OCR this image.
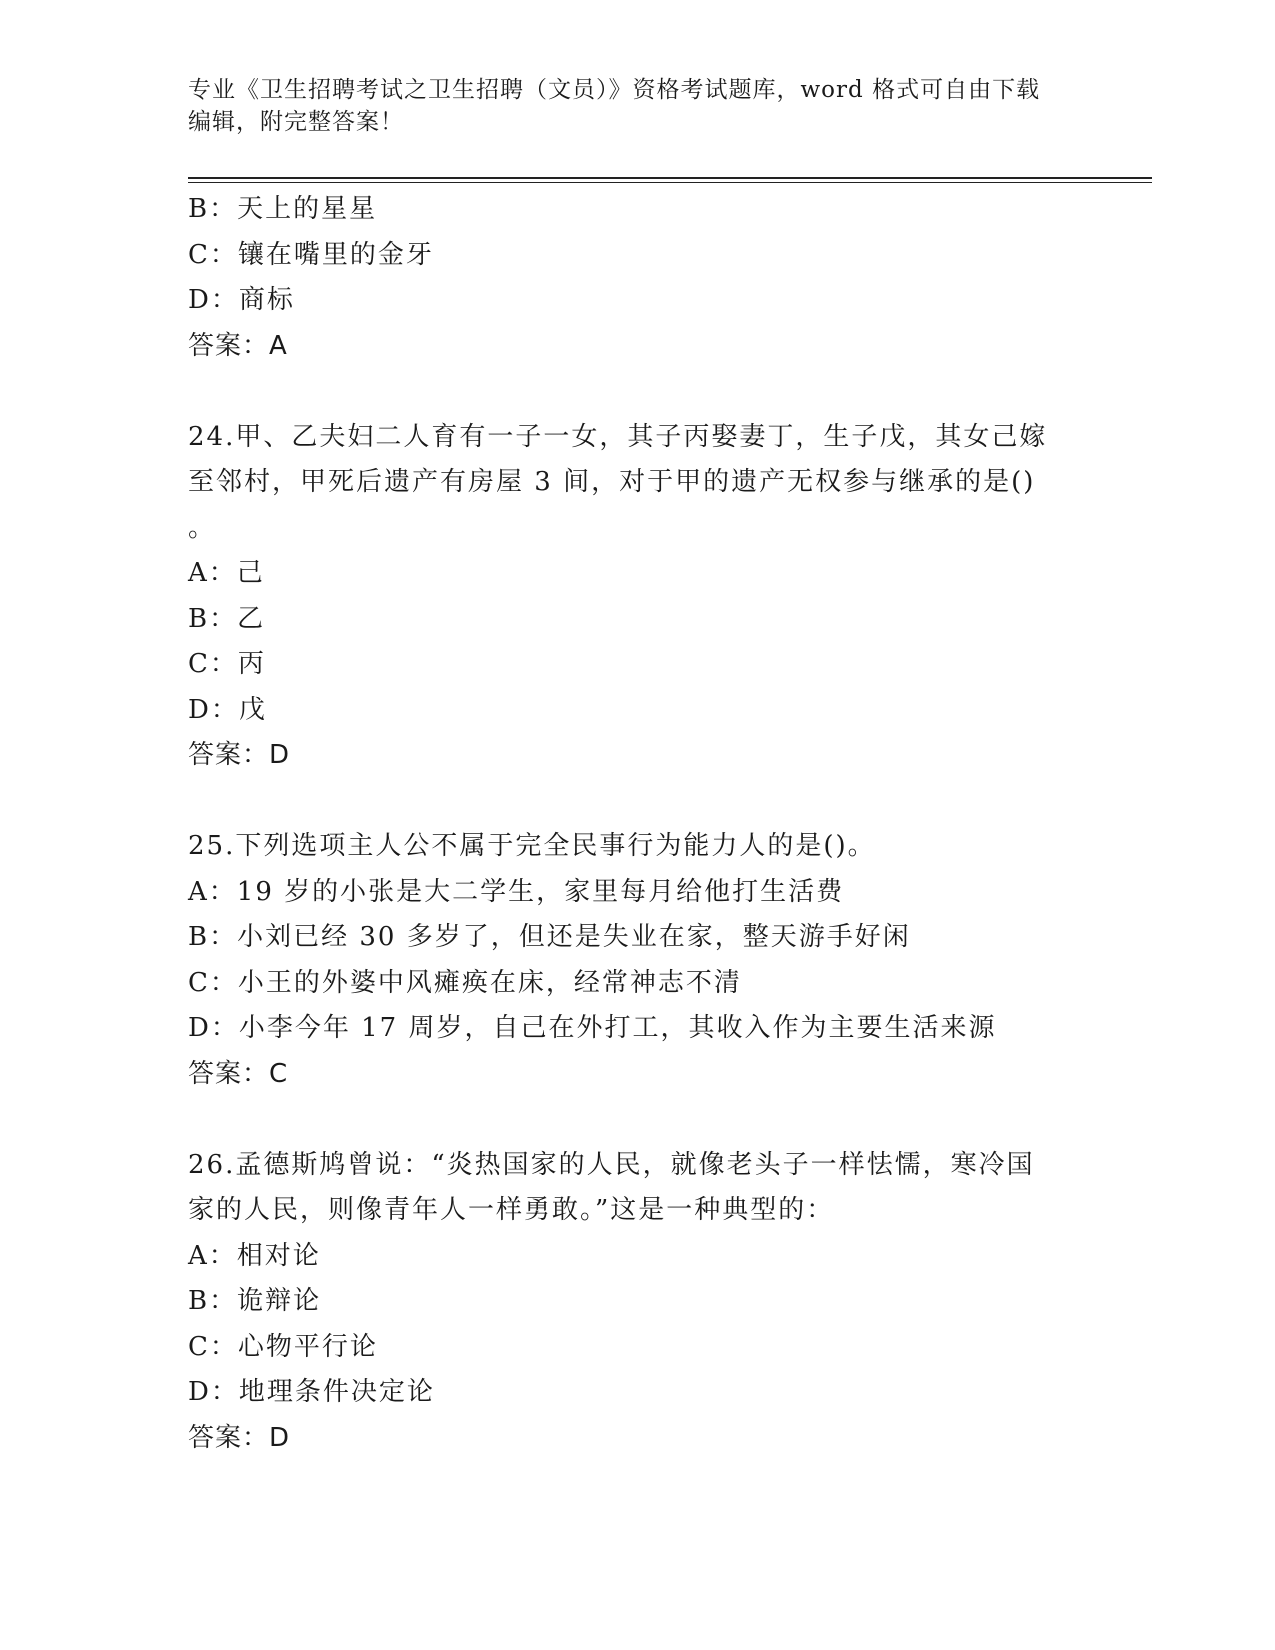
专业《卫生招聘考试之卫生招聘（文员）》资格考试题库，word 格式可自由下载
编辑，附完整答案！

B：天上的星星

C：镶在嘴里的金牙

D：商标

答案：A

24.甲、乙夫妇二人育有一子一女，其子丙娶妻丁，生子戊，其女己嫁

至邻村，甲死后遗产有房屋 3 间，对于甲的遗产无权参与继承的是()

。

A：己

B：乙

C：丙

D：戊

答案：D

25.下列选项主人公不属于完全民事行为能力人的是()。

A：19 岁的小张是大二学生，家里每月给他打生活费

B：小刘已经 30 多岁了，但还是失业在家，整天游手好闲

C：小王的外婆中风瘫痪在床，经常神志不清

D：小李今年 17 周岁，自己在外打工，其收入作为主要生活来源

答案：C

26.孟德斯鸠曾说：“炎热国家的人民，就像老头子一样怯懦，寒冷国

家的人民，则像青年人一样勇敢。”这是一种典型的：

A：相对论

B：诡辩论

C：心物平行论

D：地理条件决定论

答案：D
